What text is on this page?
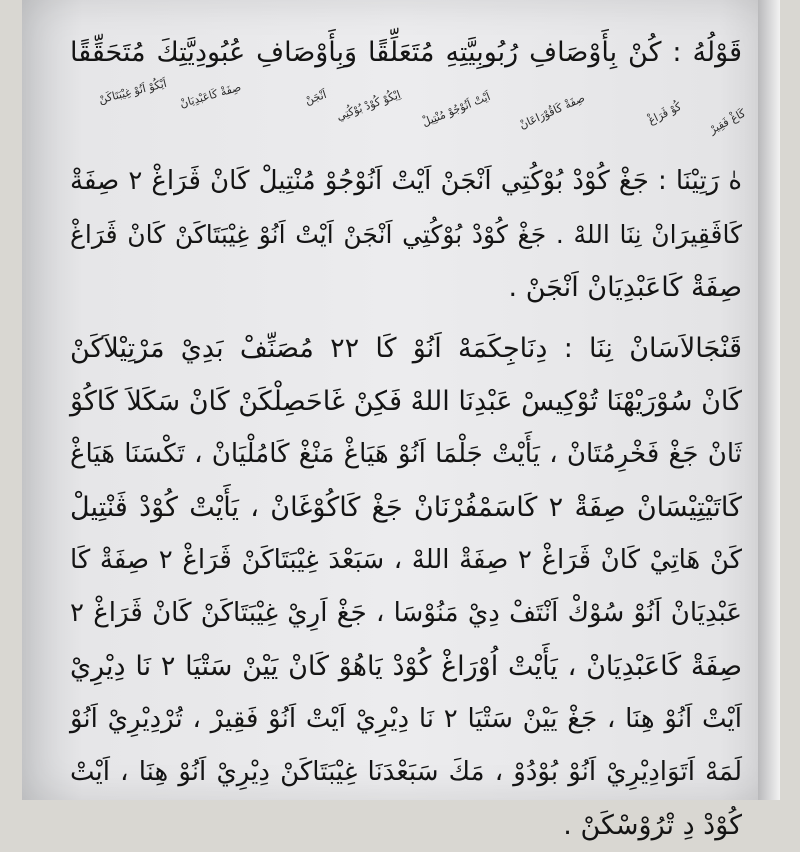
قَوْلُهُ : كُنْ بِأَوْصَافِ رُبُوبِيَّتِهِ مُتَعَلِّقًا وَبِأَوْصَافِ عُبُودِيَّتِكَ مُتَحَقِّقًا
اَيْكُوْ اَنُوْ غِيْبَتَاكَنْ صِفَةْ كَاعَبْدِيَانْ	اَنْجَنْ اِيْكُوْ كُوْدْ بُوْكُتِي اَيْتْ اَنُوْجُوْ مُنْتِيلْ صِفَةْ كَاقُوْرَاعَانْ	كُوْ ڤَرَاغْ كَاغْ فَقِيرْ
هٰ رَتِيْنَا : جَغْ كُوْدْ بُوْكُتِي اَنْجَنْ اَيْتْ اَنُوْجُوْ مُنْتِيلْ كَانْ ڤَرَاغْ ٢ صِفَةْ
كَاڤَقِيرَانْ نِنَا اللهْ . جَغْ كُوْدْ بُوْكُتِي اَنْجَنْ اَيْتْ اَنُوْ غِيْبَتَاكَنْ كَانْ ڤَرَاغْ
صِفَةْ كَاعَبْدِيَانْ اَنْجَنْ .
قَنْجَالاَسَانْ نِنَا : دِنَاجِكَمَهْ اَنُوْ كَا ٢٢ مُصَنِّفْ بَدِيْ مَرْتِيْلاَكَنْ
كَانْ سُوْرَيْهْنَا تُوْكِيسْ عَبْدِنَا اللهْ فَكِنْ غَاحَصِلْكَنْ كَانْ سَكَلاَ كَاكُوْ
ثَانْ جَغْ فَخْرِمُتَانْ ، يَأَيْتْ جَلْمَا اَنُوْ هَيَاغْ مَنْغْ كَامُلْيَانْ ، تَكْسَنَا هَيَاغْ
كَاتَيْتِيْسَانْ صِفَةْ ٢ كَاسَمْفُرْنَانْ جَغْ كَاكُوْغَانْ ، يَأَيْتْ كُوْدْ ڤَنْتِيلْ
كَنْ هَاتِيْ كَانْ ڤَرَاغْ ٢ صِفَةْ اللهْ ، سَبَعْدَ غِيْبَتَاكَنْ ڤَرَاغْ ٢ صِفَةْ كَا
عَبْدِيَانْ اَنُوْ سُوْكْ اَنْتَفْ دِيْ مَنُوْسَا ، جَغْ اَرِيْ غِيْبَتَاكَنْ كَانْ ڤَرَاغْ ٢
صِفَةْ كَاعَبْدِيَانْ ، يَأَيْتْ اُوْرَاغْ كُوْدْ يَاهُوْ كَانْ يَيْنْ سَتْيَا ٢ نَا دِيْرِيْ
اَيْتْ اَنُوْ هِنَا ، جَغْ يَيْنْ سَتْيَا ٢ نَا دِيْرِيْ اَيْتْ اَنُوْ فَقِيرْ ، تُرْدِيْرِيْ اَنُوْ
لَمَهْ اَتَوَادِيْرِيْ اَنُوْ بُوْدُوْ ، مَكَ سَبَعْدَنَا غِيْبَتَاكَنْ دِيْرِيْ اَنُوْ هِنَا ، اَيْتْ
كُوْدْ دِ تْرُوْسْكَنْ .
